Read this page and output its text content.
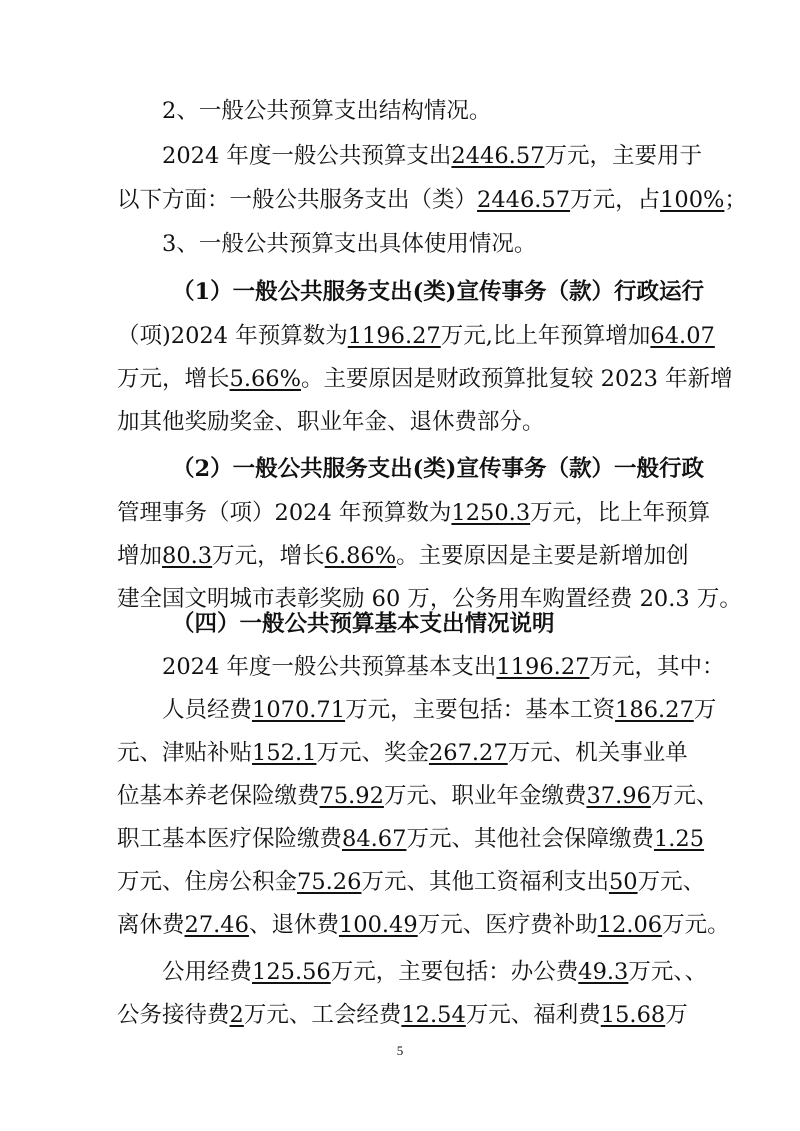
2、一般公共预算支出结构情况。
2024 年度一般公共预算支出2446.57万元，主要用于
以下方面：一般公共服务支出（类）2446.57万元，占100%；
3、一般公共预算支出具体使用情况。
（1）一般公共服务支出(类)宣传事务（款）行政运行
（项)2024 年预算数为1196.27万元,比上年预算增加64.07
万元，增长5.66%。主要原因是财政预算批复较 2023 年新增
加其他奖励奖金、职业年金、退休费部分。
（2）一般公共服务支出(类)宣传事务（款）一般行政
管理事务（项）2024 年预算数为1250.3万元，比上年预算
增加80.3万元，增长6.86%。主要原因是主要是新增加创
建全国文明城市表彰奖励 60 万，公务用车购置经费 20.3 万。
（四）一般公共预算基本支出情况说明
2024 年度一般公共预算基本支出1196.27万元，其中：
人员经费1070.71万元，主要包括：基本工资186.27万
元、津贴补贴152.1万元、奖金267.27万元、机关事业单
位基本养老保险缴费75.92万元、职业年金缴费37.96万元、
职工基本医疗保险缴费84.67万元、其他社会保障缴费1.25
万元、住房公积金75.26万元、其他工资福利支出50万元、
离休费27.46、退休费100.49万元、医疗费补助12.06万元。
公用经费125.56万元，主要包括：办公费49.3万元、、
公务接待费2万元、工会经费12.54万元、福利费15.68万
5
